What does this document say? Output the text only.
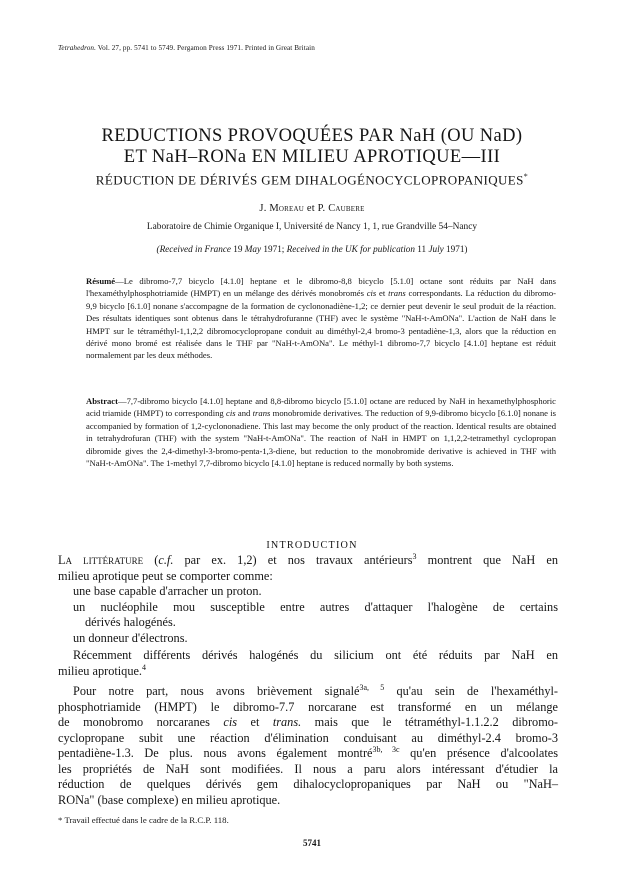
Tetrahedron. Vol. 27, pp. 5741 to 5749. Pergamon Press 1971. Printed in Great Britain
REDUCTIONS PROVOQUÉES PAR NaH (OU NaD)
ET NaH–RONa EN MILIEU APROTIQUE—III
RÉDUCTION DE DÉRIVÉS GEM DIHALOGÉNOCYCLOPROPANIQUES*
J. Moreau et P. Caubere
Laboratoire de Chimie Organique I, Université de Nancy 1, 1, rue Grandville 54–Nancy
(Received in France 19 May 1971; Received in the UK for publication 11 July 1971)
Résumé—Le dibromo-7,7 bicyclo [4.1.0] heptane et le dibromo-8,8 bicyclo [5.1.0] octane sont réduits par NaH dans l'hexaméthylphosphotriamide (HMPT) en un mélange des dérivés monobromés cis et trans correspondants. La réduction du dibromo-9,9 bicyclo [6.1.0] nonane s'accompagne de la formation de cyclononadiène-1,2; ce dernier peut devenir le seul produit de la réaction. Des résultats identiques sont obtenus dans le tétrahydrofuranne (THF) avec le système "NaH-t-AmONa". L'action de NaH dans le HMPT sur le tétraméthyl-1,1,2,2 dibromocyclopropane conduit au diméthyl-2,4 bromo-3 pentadiène-1,3, alors que la réduction en dérivé mono bromé est réalisée dans le THF par "NaH-t-AmONa". Le méthyl-1 dibromo-7,7 bicyclo [4.1.0] heptane est réduit normalement par les deux méthodes.
Abstract—7,7-dibromo bicyclo [4.1.0] heptane and 8,8-dibromo bicyclo [5.1.0] octane are reduced by NaH in hexamethylphosphoric acid triamide (HMPT) to corresponding cis and trans monobromide derivatives. The reduction of 9,9-dibromo bicyclo [6.1.0] nonane is accompanied by formation of 1,2-cyclononadiene. This last may become the only product of the reaction. Identical results are obtained in tetrahydrofuran (THF) with the system "NaH-t-AmONa". The reaction of NaH in HMPT on 1,1,2,2-tetramethyl cyclopropan dibromide gives the 2,4-dimethyl-3-bromo-penta-1,3-diene, but reduction to the monobromide derivative is achieved in THF with "NaH-t-AmONa". The 1-methyl 7,7-dibromo bicyclo [4.1.0] heptane is reduced normally by both systems.
INTRODUCTION
La littérature (c.f. par ex. 1,2) et nos travaux antérieurs$^3$ montrent que NaH en
milieu aprotique peut se comporter comme:
une base capable d'arracher un proton.
un nucléophile mou susceptible entre autres d'attaquer l'halogène de certains
dérivés halogénés.
un donneur d'électrons.
Récemment différents dérivés halogénés du silicium ont été réduits par NaH en
milieu aprotique.$^4$
Pour notre part, nous avons brièvement signalé$^{3a, 5}$ qu'au sein de l'hexaméthyl-
phosphotriamide (HMPT) le dibromo-7.7 norcarane est transformé en un mélange
de monobromo norcaranes cis et trans. mais que le tétraméthyl-1.1.2.2 dibromo-
cyclopropane subit une réaction d'élimination conduisant au diméthyl-2.4 bromo-3
pentadiène-1.3. De plus. nous avons également montré$^{3b, 3c}$ qu'en présence d'alcoolates
les propriétés de NaH sont modifiées. Il nous a paru alors intéressant d'étudier la
réduction de quelques dérivés gem dihalocyclopropaniques par NaH ou "NaH–
RONa" (base complexe) en milieu aprotique.
* Travail effectué dans le cadre de la R.C.P. 118.
5741
